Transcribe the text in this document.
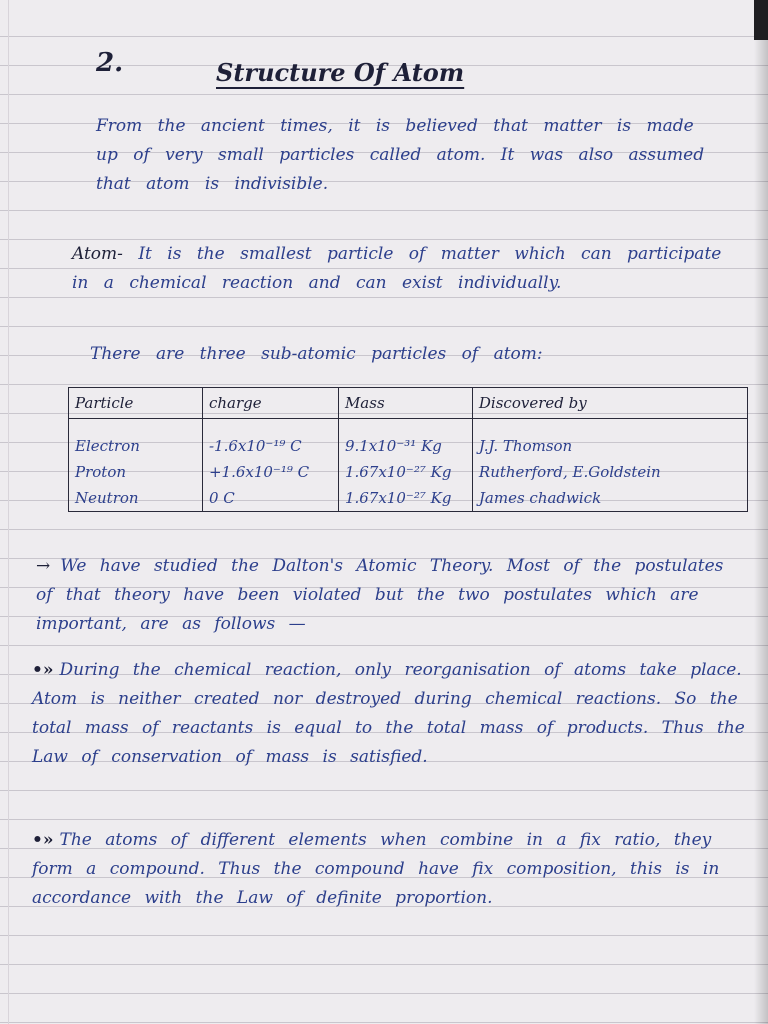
2.	Structure Of Atom

From the ancient times, it is believed that matter is made up of very small particles called atom. It was also assumed that atom is indivisible.

Atom- It is the smallest particle of matter which can participate in a chemical reaction and can exist individually.

There are three sub-atomic particles of atom:

Particle	charge	Mass	Discovered by

Electron	-1.6x10⁻¹⁹ C	9.1x10⁻³¹ Kg	J.J. Thomson
Proton	+1.6x10⁻¹⁹ C	1.67x10⁻²⁷ Kg	Rutherford, E.Goldstein
Neutron	0 C	1.67x10⁻²⁷ Kg	James chadwick

→ We have studied the Dalton's Atomic Theory. Most of the postulates of that theory have been violated but the two postulates which are important, are as follows —

•» During the chemical reaction, only reorganisation of atoms take place. Atom is neither created nor destroyed during chemical reactions. So the total mass of reactants is equal to the total mass of products. Thus the Law of conservation of mass is satisfied.

•» The atoms of different elements when combine in a fix ratio, they form a compound. Thus the compound have fix composition, this is in accordance with the Law of definite proportion.
